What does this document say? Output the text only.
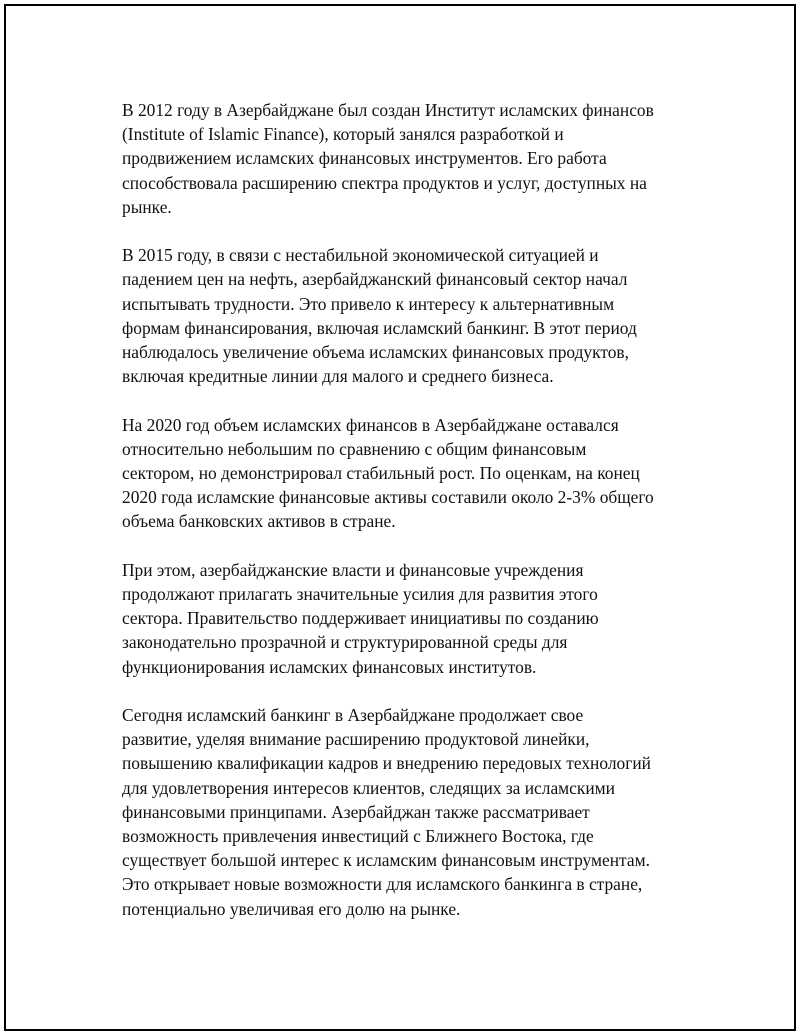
В 2012 году в Азербайджане был создан Институт исламских финансов
(Institute of Islamic Finance), который занялся разработкой и
продвижением исламских финансовых инструментов. Его работа
способствовала расширению спектра продуктов и услуг, доступных на
рынке.

В 2015 году, в связи с нестабильной экономической ситуацией и
падением цен на нефть, азербайджанский финансовый сектор начал
испытывать трудности. Это привело к интересу к альтернативным
формам финансирования, включая исламский банкинг. В этот период
наблюдалось увеличение объема исламских финансовых продуктов,
включая кредитные линии для малого и среднего бизнеса.

На 2020 год объем исламских финансов в Азербайджане оставался
относительно небольшим по сравнению с общим финансовым
сектором, но демонстрировал стабильный рост. По оценкам, на конец
2020 года исламские финансовые активы составили около 2-3% общего
объема банковских активов в стране.

При этом, азербайджанские власти и финансовые учреждения
продолжают прилагать значительные усилия для развития этого
сектора. Правительство поддерживает инициативы по созданию
законодательно прозрачной и структурированной среды для
функционирования исламских финансовых институтов.

Сегодня исламский банкинг в Азербайджане продолжает свое
развитие, уделяя внимание расширению продуктовой линейки,
повышению квалификации кадров и внедрению передовых технологий
для удовлетворения интересов клиентов, следящих за исламскими
финансовыми принципами. Азербайджан также рассматривает
возможность привлечения инвестиций с Ближнего Востока, где
существует большой интерес к исламским финансовым инструментам.
Это открывает новые возможности для исламского банкинга в стране,
потенциально увеличивая его долю на рынке.
